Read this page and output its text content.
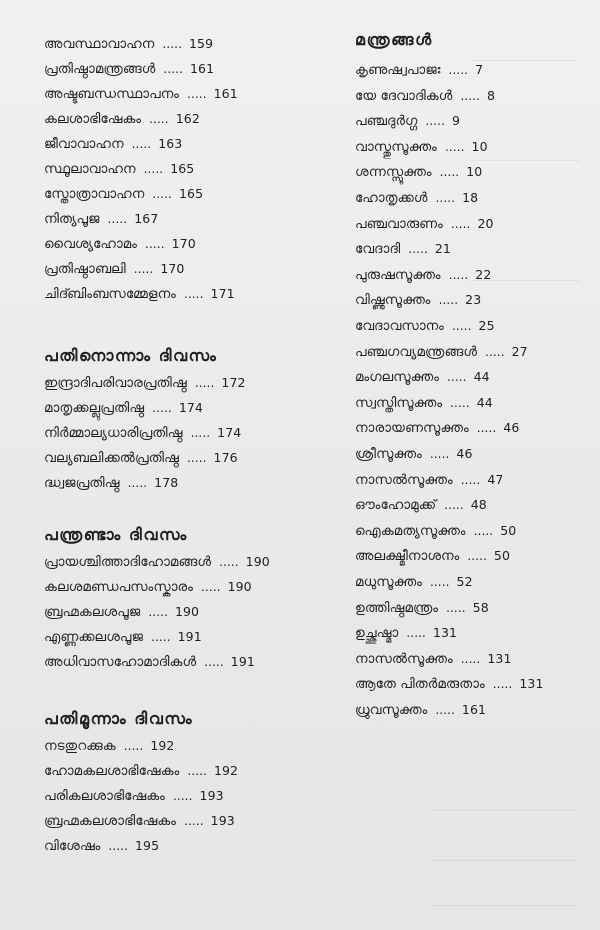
അവസ്ഥാവാഹന ..... 159
പ്രതിഷ്ഠാമന്ത്രങ്ങൾ ..... 161
അഷ്ടബന്ധസ്ഥാപനം ..... 161
കലശാഭിഷേകം ..... 162
ജീവാവാഹന ..... 163
സ്ഥൂലാവാഹന ..... 165
സ്തോത്രാവാഹന ..... 165
നിത്യപൂജ ..... 167
വൈശ്യഹോമം ..... 170
പ്രതിഷ്ഠാബലി ..... 170
ചിദ്ബിംബസമ്മേളനം ..... 171
പതിനൊന്നാം ദിവസം
ഇന്ദ്രാദിപരിവാരപ്രതിഷ്ഠ ..... 172
മാതൃക്കല്ലുപ്രതിഷ്ഠ ..... 174
നിർമ്മാല്യധാരിപ്രതിഷ്ഠ ..... 174
വല്യബലിക്കൽപ്രതിഷ്ഠ ..... 176
ദ്ധ്വജപ്രതിഷ്ഠ ..... 178
പന്ത്രണ്ടാം ദിവസം
പ്രായശ്ചിത്താദിഹോമങ്ങൾ ..... 190
കലശമണ്ഡപസംസ്കാരം ..... 190
ബ്രഹ്മകലശപൂജ ..... 190
എണ്ണക്കലശപൂജ ..... 191
അധിവാസഹോമാദികൾ ..... 191
പതിമൂന്നാം ദിവസം
നടതുറക്കുക ..... 192
ഹോമകലശാഭിഷേകം ..... 192
പരികലശാഭിഷേകം ..... 193
ബ്രഹ്മകലശാഭിഷേകം ..... 193
വിശേഷം ..... 195
മന്ത്രങ്ങൾ
കൃണുഷ്വപാജഃ ..... 7
യേ ദേവാദികൾ ..... 8
പഞ്ചദുർഗ്ഗ ..... 9
വാസ്തുസൂക്തം ..... 10
ശന്നസ്സൂക്തം ..... 10
ഹോതൃക്കൾ ..... 18
പഞ്ചവാരുണം ..... 20
വേദാദി ..... 21
പുരുഷസൂക്തം ..... 22
വിഷ്ണുസൂക്തം ..... 23
വേദാവസാനം ..... 25
പഞ്ചഗവ്യമന്ത്രങ്ങൾ ..... 27
മംഗലസൂക്തം ..... 44
സ്വസ്തിസൂക്തം ..... 44
നാരായണസൂക്തം ..... 46
ശ്രീസൂക്തം ..... 46
നാസൽസൂക്തം ..... 47
ഔംഹോമുക്ക് ..... 48
ഐകമത്യസൂക്തം ..... 50
അലക്ഷ്മീനാശനം ..... 50
മധുസൂക്തം ..... 52
ഉത്തിഷ്ഠമന്ത്രം ..... 58
ഉച്ഛുഷ്മാ ..... 131
നാസൽസൂക്തം ..... 131
ആതേ പിതർമരുതാം ..... 131
ധ്രുവസൂക്തം ..... 161
